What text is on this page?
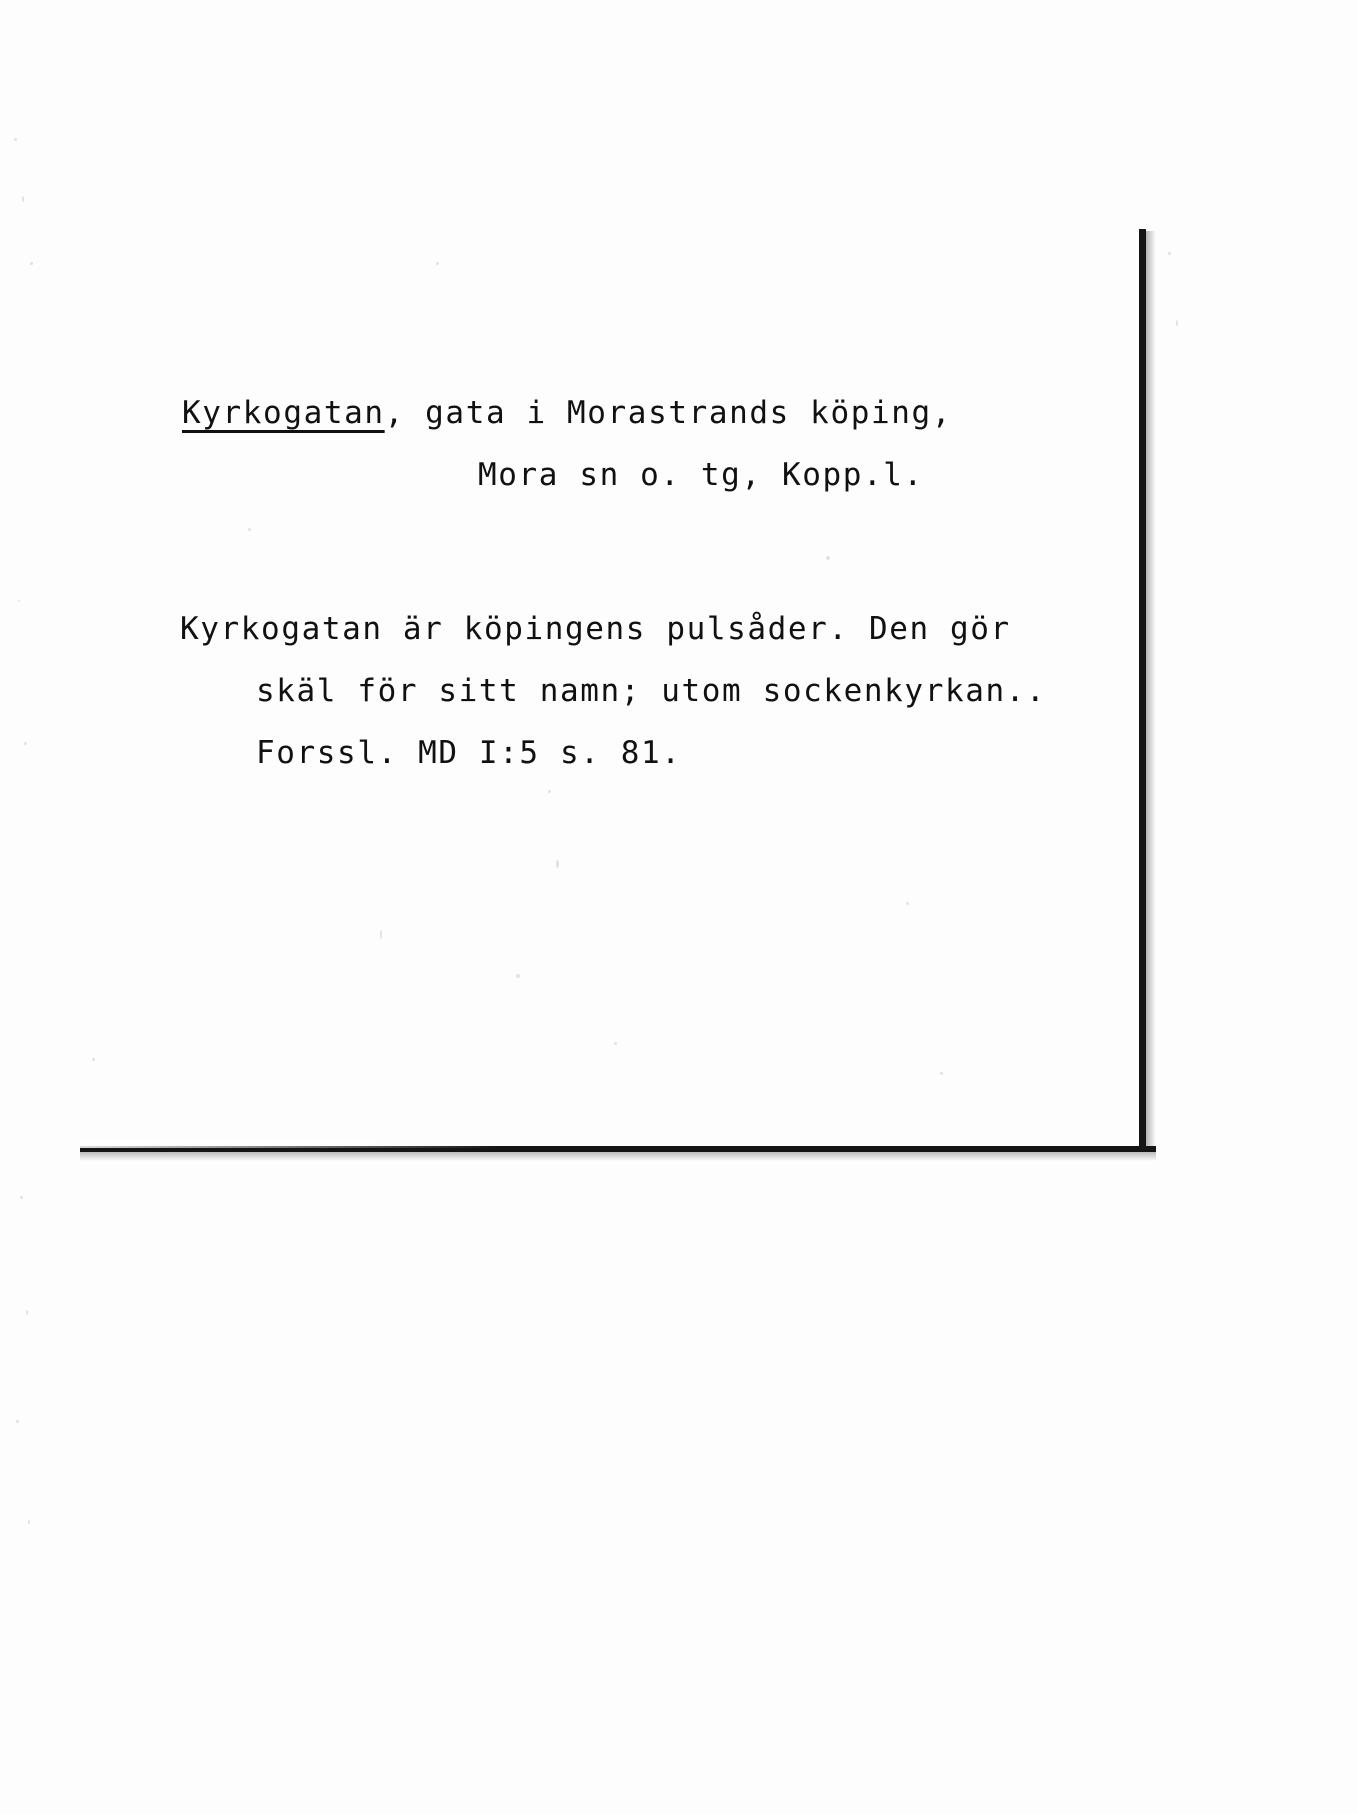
Kyrkogatan, gata i Morastrands köping,
Mora sn o. tg, Kopp.l.
Kyrkogatan är köpingens pulsåder. Den gör
skäl för sitt namn; utom sockenkyrkan..
Forssl. MD I:5 s. 81.
